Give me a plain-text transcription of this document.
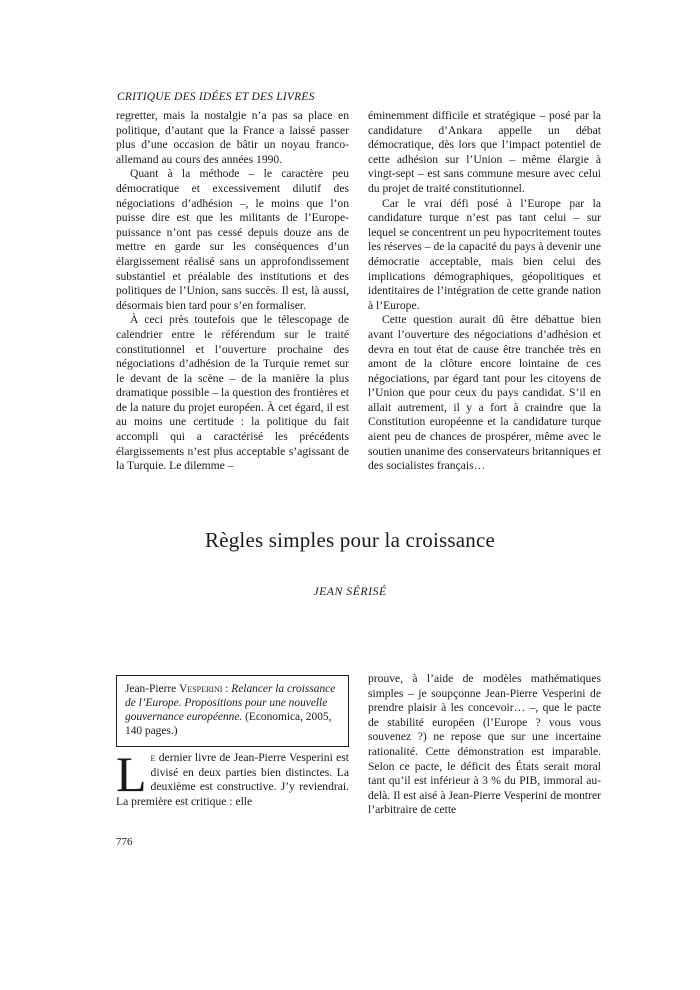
CRITIQUE DES IDÉES ET DES LIVRES

regretter, mais la nostalgie n’a pas sa place en politique, d’autant que la France a laissé passer plus d’une occasion de bâtir un noyau franco-allemand au cours des années 1990.

Quant à la méthode – le caractère peu démocratique et excessivement dilutif des négociations d’adhésion –, le moins que l’on puisse dire est que les militants de l’Europe-puissance n’ont pas cessé depuis douze ans de mettre en garde sur les conséquences d’un élargissement réalisé sans un approfondissement substantiel et préalable des institutions et des politiques de l’Union, sans succès. Il est, là aussi, désormais bien tard pour s’en formaliser.

À ceci près toutefois que le télescopage de calendrier entre le référendum sur le traité constitutionnel et l’ouverture prochaine des négociations d’adhésion de la Turquie remet sur le devant de la scène – de la manière la plus dramatique possible – la question des frontières et de la nature du projet européen. À cet égard, il est au moins une certitude : la politique du fait accompli qui a caractérisé les précédents élargissements n’est plus acceptable s’agissant de la Turquie. Le dilemme –

éminemment difficile et stratégique – posé par la candidature d’Ankara appelle un débat démocratique, dès lors que l’impact potentiel de cette adhésion sur l’Union – même élargie à vingt-sept – est sans commune mesure avec celui du projet de traité constitutionnel.

Car le vrai défi posé à l’Europe par la candidature turque n’est pas tant celui – sur lequel se concentrent un peu hypocritement toutes les réserves – de la capacité du pays à devenir une démocratie acceptable, mais bien celui des implications démographiques, géopolitiques et identitaires de l’intégration de cette grande nation à l’Europe.

Cette question aurait dû être débattue bien avant l’ouverture des négociations d’adhésion et devra en tout état de cause être tranchée très en amont de la clôture encore lointaine de ces négociations, par égard tant pour les citoyens de l’Union que pour ceux du pays candidat. S’il en allait autrement, il y a fort à craindre que la Constitution européenne et la candidature turque aient peu de chances de prospérer, même avec le soutien unanime des conservateurs britanniques et des socialistes français…

Règles simples pour la croissance
JEAN SÉRISÉ
Jean-Pierre Vesperini : Relancer la croissance de l’Europe. Propositions pour une nouvelle gouvernance européenne. (Economica, 2005, 140 pages.)

Le dernier livre de Jean-Pierre Vesperini est divisé en deux parties bien distinctes. La deuxième est constructive. J’y reviendrai. La première est critique : elle

prouve, à l’aide de modèles mathématiques simples – je soupçonne Jean-Pierre Vesperini de prendre plaisir à les concevoir… –, que le pacte de stabilité européen (l’Europe ? vous vous souvenez ?) ne repose que sur une incertaine rationalité. Cette démonstration est imparable. Selon ce pacte, le déficit des États serait moral tant qu’il est inférieur à 3 % du PIB, immoral au-delà. Il est aisé à Jean-Pierre Vesperini de montrer l’arbitraire de cette

776
